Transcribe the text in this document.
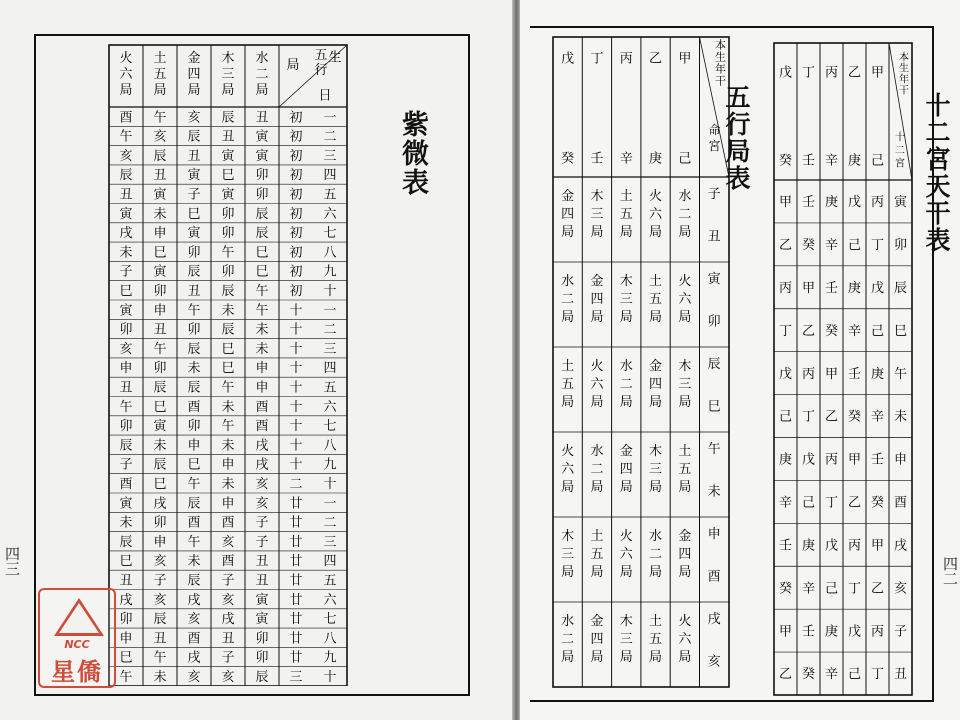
火
六
局
土
五
局
金
四
局
木
三
局
水
二
局
五
行
局 生
日
酉 午 亥 辰 丑 初 一
午 亥 辰 丑 寅 初 二
亥 辰 丑 寅 寅 初 三
辰 丑 寅 巳 卯 初 四
丑 寅 子 寅 卯 初 五
寅 未 巳 卯 辰 初 六
戌 申 寅 卯 辰 初 七
未 巳 卯 午 巳 初 八
子 寅 辰 卯 巳 初 九
巳 卯 丑 辰 午 初 十
寅 申 午 未 午 十 一
卯 丑 卯 辰 未 十 二
亥 午 辰 巳 未 十 三
申 卯 未 巳 申 十 四
丑 辰 辰 午 申 十 五
午 巳 酉 未 酉 十 六
卯 寅 卯 午 酉 十 七
辰 未 申 未 戌 十 八
子 辰 巳 申 戌 十 九
酉 巳 午 未 亥 二 十
寅 戌 辰 申 亥 廿 一
未 卯 酉 酉 子 廿 二
辰 申 午 亥 子 廿 三
巳 亥 未 酉 丑 廿 四
丑 子 辰 子 丑 廿 五
戌 亥 戌 亥 寅 廿 六
卯 辰 亥 戌 寅 廿 七
申 丑 酉 丑 卯 廿 八
巳 午 戌 子 卯 廿 九
午 未 亥 亥 辰 三 十
紫微表
四三
NCC
星僑
戊
癸
丁
壬
丙
辛
乙
庚
甲
己
本
生
年
干
命
宮
子
丑
金
四
局
木
三
局
土
五
局
火
六
局
水
二
局
寅
卯
水
二
局
金
四
局
木
三
局
土
五
局
火
六
局
辰
巳
土
五
局
火
六
局
水
二
局
金
四
局
木
三
局
午
未
火
六
局
水
二
局
金
四
局
木
三
局
土
五
局
申
酉
木
三
局
土
五
局
火
六
局
水
二
局
金
四
局
戌
亥
水
二
局
金
四
局
木
三
局
土
五
局
火
六
局
五行局表
戊
癸
丁
壬
丙
辛
乙
庚
甲
己
本
生
年
干
十
二
宮
寅
甲 壬 庚 戊 丙
卯
乙 癸 辛 己 丁
辰
丙 甲 壬 庚 戊
巳
丁 乙 癸 辛 己
午
戊 丙 甲 壬 庚
未
己 丁 乙 癸 辛
申
庚 戊 丙 甲 壬
酉
辛 己 丁 乙 癸
戌
壬 庚 戊 丙 甲
亥
癸 辛 己 丁 乙
子
甲 壬 庚 戊 丙
丑
乙 癸 辛 己 丁
十二宮天干表
四二
